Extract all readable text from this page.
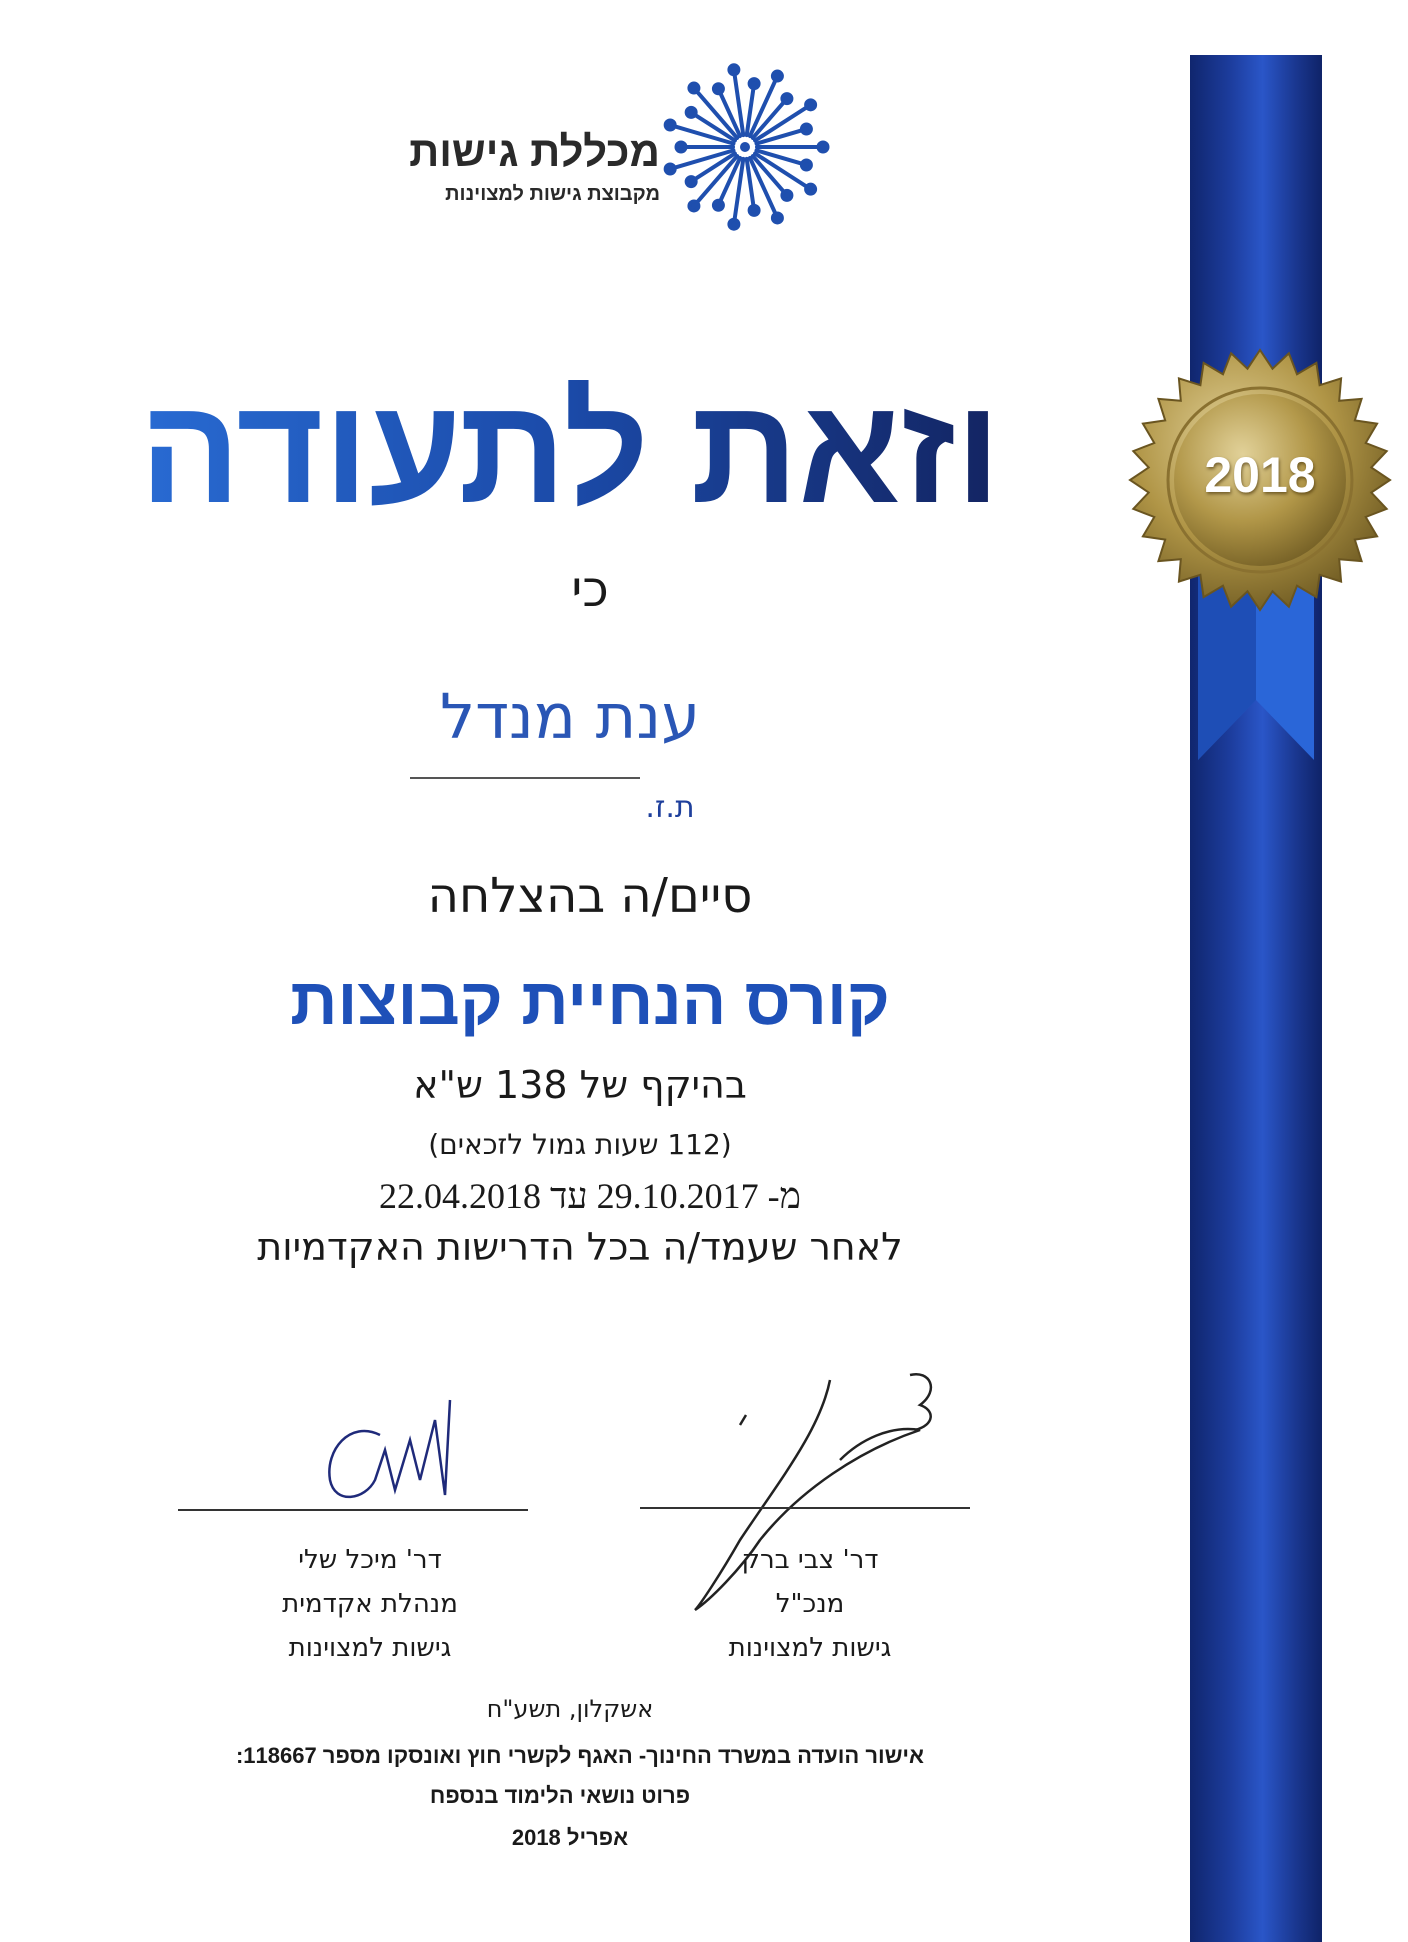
2018
מכללת גישות
מקבוצת גישות למצוינות
וזאת לתעודה
כי
ענת מנדל
ת.ז.
סיים/ה בהצלחה
קורס הנחיית קבוצות
בהיקף של 138 ש"א
(112 שעות גמול לזכאים)
מ- 29.10.2017 עד 22.04.2018
לאחר שעמד/ה בכל הדרישות האקדמיות
דר' צבי ברק
מנכ"ל
גישות למצוינות
דר' מיכל שלי
מנהלת אקדמית
גישות למצוינות
אשקלון, תשע"ח
אישור הועדה במשרד החינוך- האגף לקשרי חוץ ואונסקו מספר 118667:
פרוט נושאי הלימוד בנספח
אפריל 2018
